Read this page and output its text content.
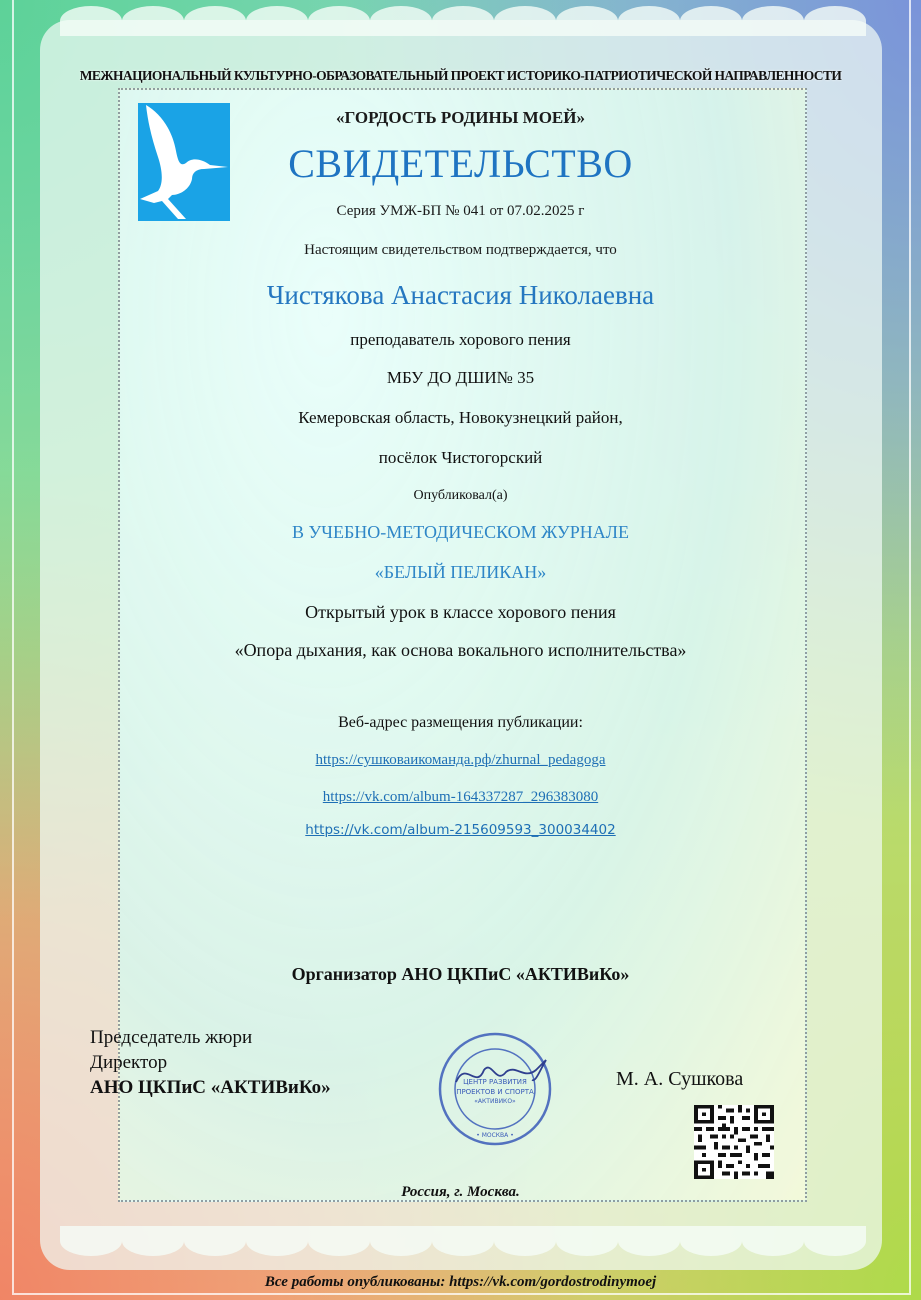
МЕЖНАЦИОНАЛЬНЫЙ КУЛЬТУРНО-ОБРАЗОВАТЕЛЬНЫЙ ПРОЕКТ ИСТОРИКО-ПАТРИОТИЧЕСКОЙ НАПРАВЛЕННОСТИ
«ГОРДОСТЬ РОДИНЫ МОЕЙ»
СВИДЕТЕЛЬСТВО
Серия УМЖ-БП № 041 от 07.02.2025 г
Настоящим свидетельством подтверждается, что
Чистякова Анастасия Николаевна
преподаватель хорового пения
МБУ ДО ДШИ№ 35
Кемеровская область, Новокузнецкий район,
посёлок Чистогорский
Опубликовал(а)
В УЧЕБНО-МЕТОДИЧЕСКОМ ЖУРНАЛЕ
«БЕЛЫЙ ПЕЛИКАН»
Открытый урок в классе хорового пения
«Опора дыхания, как основа вокального исполнительства»
Веб-адрес размещения публикации:
https://сушковаикоманда.рф/zhurnal_pedagoga
https://vk.com/album-164337287_296383080
https://vk.com/album-215609593_300034402
Организатор АНО ЦКПиС «АКТИВиКо»
Председатель жюри
Директор
АНО ЦКПиС «АКТИВиКо»	ЦЕНТР РАЗВИТИЯ
ПРОЕКТОВ И СПОРТА
«АКТИВИКО»
• МОСКВА •
М. А. Сушкова
Россия, г. Москва.
Все работы опубликованы: https://vk.com/gordostrodinymoej
